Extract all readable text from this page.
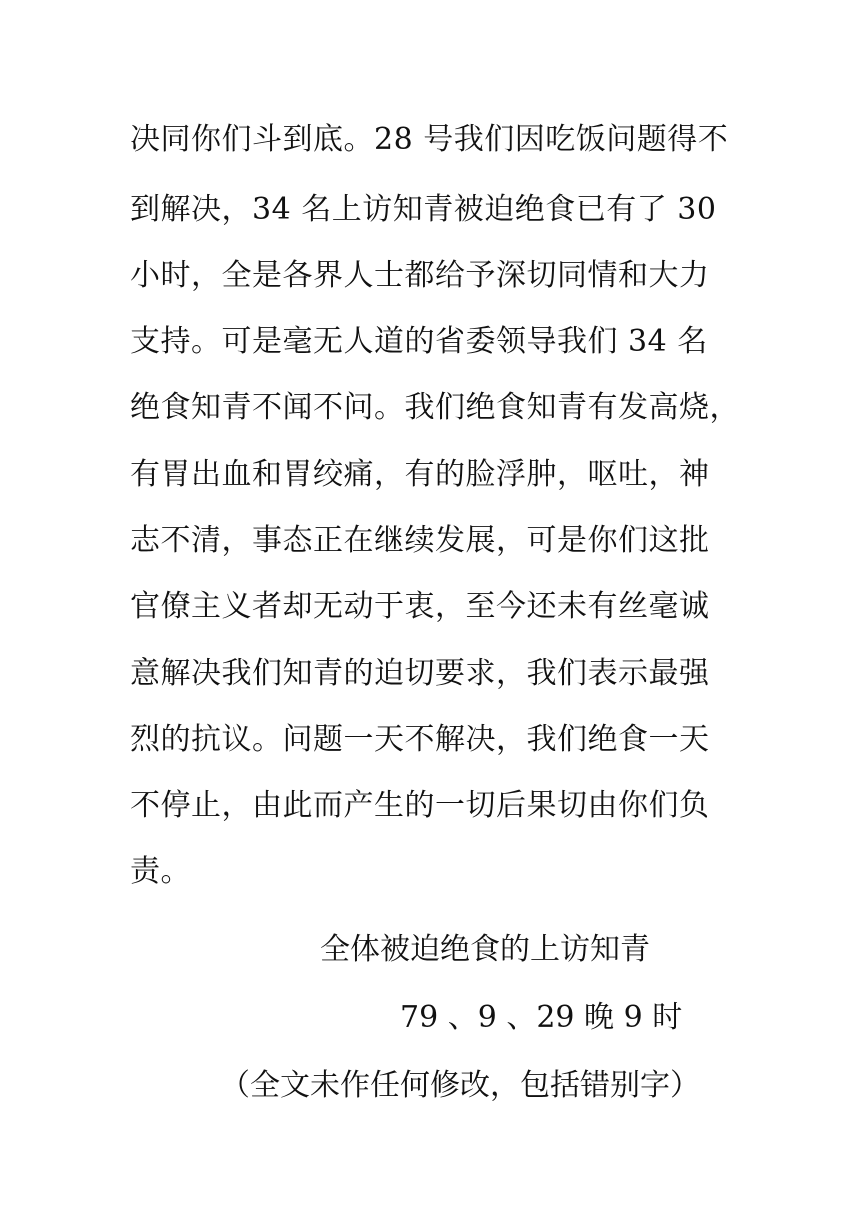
决同你们斗到底。28 号我们因吃饭问题得不
到解决，34 名上访知青被迫绝食已有了 30
小时，全是各界人士都给予深切同情和大力
支持。可是毫无人道的省委领导我们 34 名
绝食知青不闻不问。我们绝食知青有发高烧，
有胃出血和胃绞痛，有的脸浮肿，呕吐，神
志不清，事态正在继续发展，可是你们这批
官僚主义者却无动于衷，至今还未有丝毫诚
意解决我们知青的迫切要求，我们表示最强
烈的抗议。问题一天不解决，我们绝食一天
不停止，由此而产生的一切后果切由你们负
责。
全体被迫绝食的上访知青
79 、9 、29 晚 9 时
（全文未作任何修改，包括错别字）
